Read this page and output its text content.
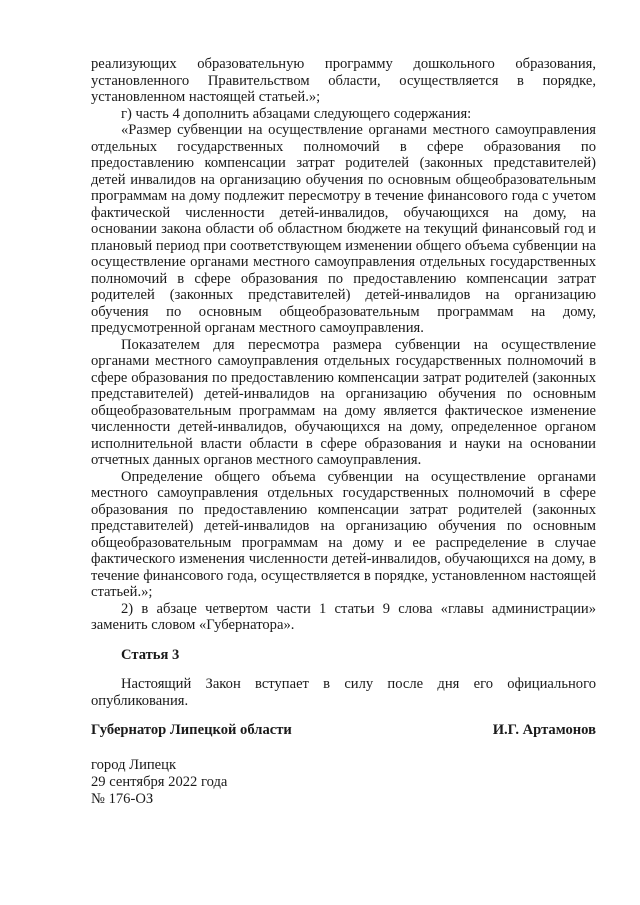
реализующих образовательную программу дошкольного образования, установленного Правительством области, осуществляется в порядке, установленном настоящей статьей.»;

г) часть 4 дополнить абзацами следующего содержания:

«Размер субвенции на осуществление органами местного самоуправления отдельных государственных полномочий в сфере образования по предоставлению компенсации затрат родителей (законных представителей) детей инвалидов на организацию обучения по основным общеобразовательным программам на дому подлежит пересмотру в течение финансового года с учетом фактической численности детей-инвалидов, обучающихся на дому, на основании закона области об областном бюджете на текущий финансовый год и плановый период при соответствующем изменении общего объема субвенции на осуществление органами местного самоуправления отдельных государственных полномочий в сфере образования по предоставлению компенсации затрат родителей (законных представителей) детей-инвалидов на организацию обучения по основным общеобразовательным программам на дому, предусмотренной органам местного самоуправления.

Показателем для пересмотра размера субвенции на осуществление органами местного самоуправления отдельных государственных полномочий в сфере образования по предоставлению компенсации затрат родителей (законных представителей) детей-инвалидов на организацию обучения по основным общеобразовательным программам на дому является фактическое изменение численности детей-инвалидов, обучающихся на дому, определенное органом исполнительной власти области в сфере образования и науки на основании отчетных данных органов местного самоуправления.

Определение общего объема субвенции на осуществление органами местного самоуправления отдельных государственных полномочий в сфере образования по предоставлению компенсации затрат родителей (законных представителей) детей-инвалидов на организацию обучения по основным общеобразовательным программам на дому и ее распределение в случае фактического изменения численности детей-инвалидов, обучающихся на дому, в течение финансового года, осуществляется в порядке, установленном настоящей статьей.»;

2) в абзаце четвертом части 1 статьи 9 слова «главы администрации» заменить словом «Губернатора».

Статья 3

Настоящий Закон вступает в силу после дня его официального опубликования.

Губернатор Липецкой области	И.Г. Артамонов
город Липецк
29 сентября 2022 года
№ 176-ОЗ
